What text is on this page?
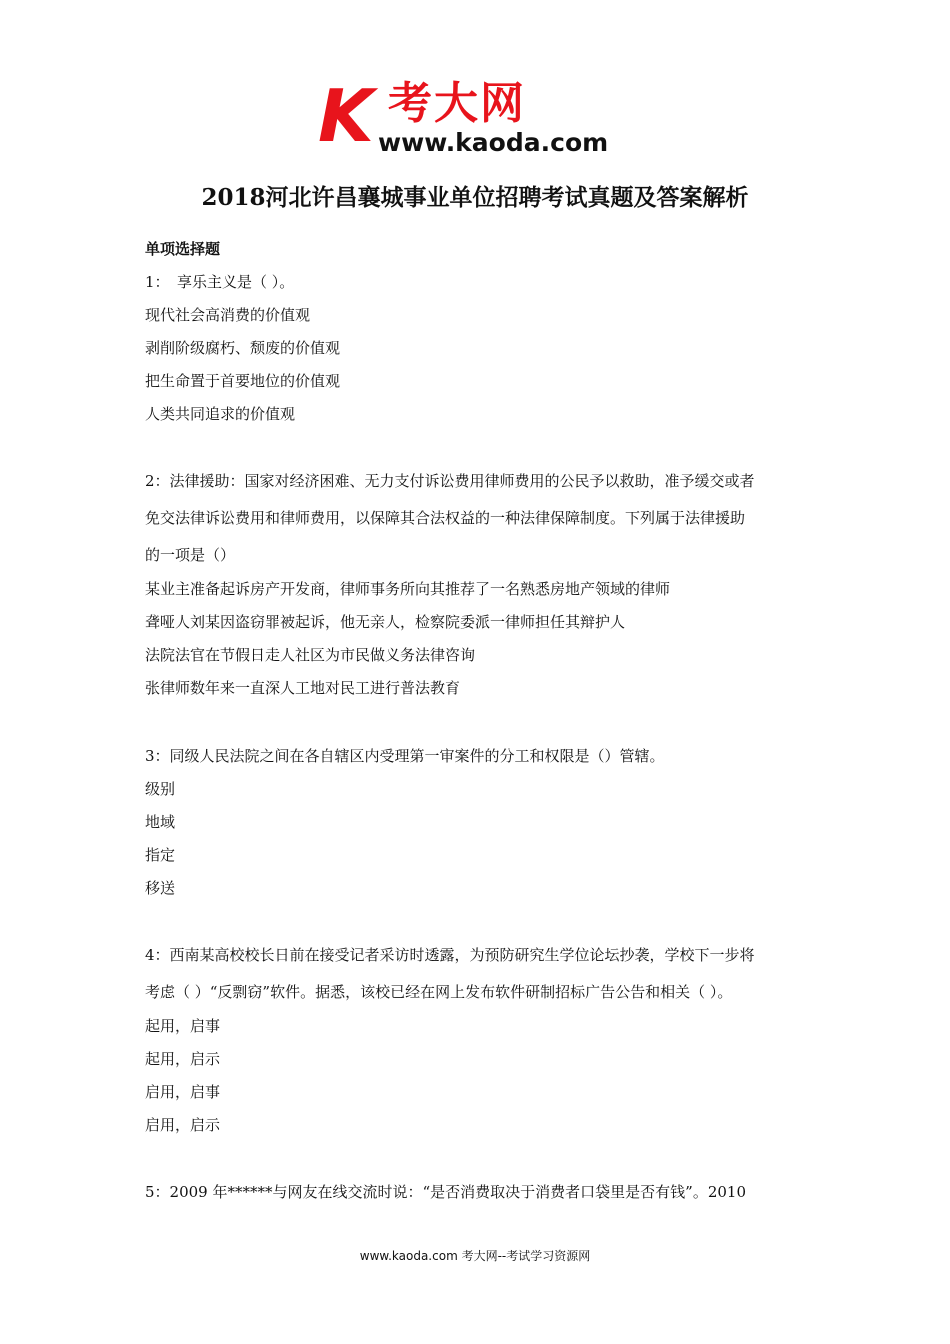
K 考大网
www.kaoda.com
2018河北许昌襄城事业单位招聘考试真题及答案解析
单项选择题
1：　享乐主义是（ ）。
现代社会高消费的价值观
剥削阶级腐朽、颓废的价值观
把生命置于首要地位的价值观
人类共同追求的价值观
2：法律援助：国家对经济困难、无力支付诉讼费用律师费用的公民予以救助，准予缓交或者
免交法律诉讼费用和律师费用，以保障其合法权益的一种法律保障制度。下列属于法律援助
的一项是（）
某业主准备起诉房产开发商，律师事务所向其推荐了一名熟悉房地产领域的律师
聋哑人刘某因盗窃罪被起诉，他无亲人，检察院委派一律师担任其辩护人
法院法官在节假日走人社区为市民做义务法律咨询
张律师数年来一直深人工地对民工进行普法教育
3：同级人民法院之间在各自辖区内受理第一审案件的分工和权限是（）管辖。
级别
地域
指定
移送
4：西南某高校校长日前在接受记者采访时透露，为预防研究生学位论坛抄袭，学校下一步将
考虑（ ）“反剽窃”软件。据悉，该校已经在网上发布软件研制招标广告公告和相关（ ）。
起用，启事
起用，启示
启用，启事
启用，启示
5：2009 年******与网友在线交流时说：“是否消费取决于消费者口袋里是否有钱”。2010
www.kaoda.com 考大网--考试学习资源网
